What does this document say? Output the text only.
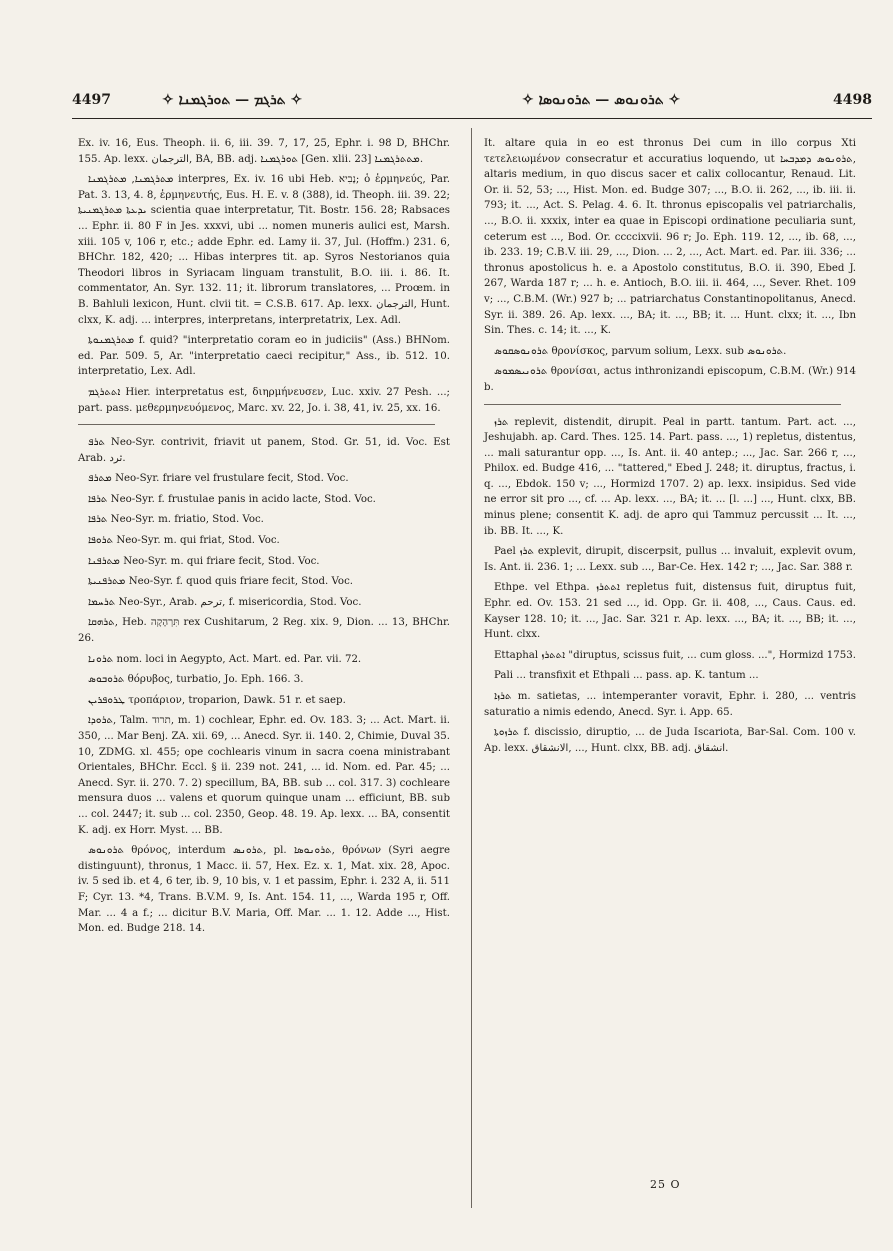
4497	✧ ܬܪܓܡ — ܬܘܪܓܡܢܐ ✧	✧ ܬܪܘܢܘܣ — ܬܪܘܢܘܣܐ ✧	4498

Ex. iv. 16, Eus. Theoph. ii. 6, iii. 39. 7, 17, 25, Ephr. i. 98 D, BHChr. 155. Ap. lexx. الترجمان, BA, BB. adj. ܬܘܪܓܡܢܐ [Gen. xlii. 23] ܡܬܬܪܓܡܢܐ.

ܡܬܪܓܡܢܐ, ܡܬܪܓܡܢܐ interpres, Ex. iv. 16 ubi Heb. נָבִיא; ὁ ἑρμηνεύς, Par. Pat. 3. 13, 4. 8, ἑρμηνευτής, Eus. H. E. v. 8 (388), id. Theoph. iii. 39. 22; ܝܕܥܬܐ ܡܬܪܓܡܢܝܬܐ scientia quae interpretatur, Tit. Bostr. 156. 28; Rabsaces ... Ephr. ii. 80 F in Jes. xxxvi, ubi ... nomen muneris aulici est, Marsh. xiii. 105 v, 106 r, etc.; adde Ephr. ed. Lamy ii. 37, Jul. (Hoffm.) 231. 6, BHChr. 182, 420; ... Hibas interpres tit. ap. Syros Nestorianos quia Theodori libros in Syriacam linguam transtulit, B.O. iii. i. 86. It. commentator, An. Syr. 132. 11; it. librorum translatores, ... Proœm. in B. Bahluli lexicon, Hunt. clvii tit. = C.S.B. 617. Ap. lexx. الترجمان, Hunt. clxx, K. adj. ... interpres, interpretans, interpretatrix, Lex. Adl.

ܡܬܪܓܡܢܘܬܐ f. quid? "interpretatio coram eo in judiciis" (Ass.) BHNom. ed. Par. 509. 5, Ar. "interpretatio caeci recipitur," Ass., ib. 512. 10. interpretatio, Lex. Adl.

ܐܬܬܪܓܡ Hier. interpretatus est, διηρμήνευσεν, Luc. xxiv. 27 Pesh. ...; part. pass. μεθερμηνευόμενος, Marc. xv. 22, Jo. i. 38, 41, iv. 25, xx. 16.

ܬܪܦ Neo-Syr. contrivit, friavit ut panem, Stod. Gr. 51, id. Voc. Est Arab. ثرد.

ܡܬܪܦ Neo-Syr. friare vel frustulare fecit, Stod. Voc.

ܬܪܦܐ Neo-Syr. f. frustulae panis in acido lacte, Stod. Voc.

ܬܪܦܐ Neo-Syr. m. friatio, Stod. Voc.

ܬܪܘܦܐ Neo-Syr. m. qui friat, Stod. Voc.

ܡܬܪܦܢܐ Neo-Syr. m. qui friare fecit, Stod. Voc.

ܡܬܪܦܢܝܬܐ Neo-Syr. f. quod quis friare fecit, Stod. Voc.

ܬܪܚܡܐ Neo-Syr., Arab. ترحم, f. misericordia, Stod. Voc.

ܬܪܗܩܐ, Heb. תִּרְהָקָה rex Cushitarum, 2 Reg. xix. 9, Dion. ... 13, BHChr. 26.

ܬܪܘܢܐ nom. loci in Aegypto, Act. Mart. ed. Par. vii. 72.

ܬܪܘܒܘܣ θόρυβος, turbatio, Jo. Eph. 166. 3.

ܛܪܘܦܪܝܢ τροπάριον, troparion, Dawk. 51 r. et saep.

ܬܪܘܕܐ, Talm. תרוד, m. 1) cochlear, Ephr. ed. Ov. 183. 3; ... Act. Mart. ii. 350, ... Mar Benj. ZA. xii. 69, ... Anecd. Syr. ii. 140. 2, Chimie, Duval 35. 10, ZDMG. xl. 455; ope cochlearis vinum in sacra coena ministrabant Orientales, BHChr. Eccl. § ii. 239 not. 241, ... id. Nom. ed. Par. 45; ... Anecd. Syr. ii. 270. 7. 2) specillum, BA, BB. sub ... col. 317. 3) cochleare mensura duos ... valens et quorum quinque unam ... efficiunt, BB. sub ... col. 2447; it. sub ... col. 2350, Geop. 48. 19. Ap. lexx. ... BA, consentit K. adj. ex Horr. Myst. ... BB.

ܬܪܘܢܘܣ θρόνος, interdum ܬܪܘܢܣ, pl. ܬܪܘܢܘܣܐ, θρόνων (Syri aegre distinguunt), thronus, 1 Macc. ii. 57, Hex. Ez. x. 1, Mat. xix. 28, Apoc. iv. 5 sed ib. et 4, 6 ter, ib. 9, 10 bis, v. 1 et passim, Ephr. i. 232 A, ii. 511 F; Cyr. 13. *4, Trans. B.V.M. 9, Is. Ant. 154. 11, ..., Warda 195 r, Off. Mar. ... 4 a f.; ... dicitur B.V. Maria, Off. Mar. ... 1. 12. Adde ..., Hist. Mon. ed. Budge 218. 14.

It. altare quia in eo est thronus Dei cum in illo corpus Xti τετελειωμένον consecratur et accuratius loquendo, ut ܬܪܘܢܘܣ ܕܡܕܒܚܐ, altaris medium, in quo discus sacer et calix collocantur, Renaud. Lit. Or. ii. 52, 53; ..., Hist. Mon. ed. Budge 307; ..., B.O. ii. 262, ..., ib. iii. ii. 793; it. ..., Act. S. Pelag. 4. 6. It. thronus episcopalis vel patriarchalis, ..., B.O. ii. xxxix, inter ea quae in Episcopi ordinatione peculiaria sunt, ceterum est ..., Bod. Or. ccccixvii. 96 r; Jo. Eph. 119. 12, ..., ib. 68, ..., ib. 233. 19; C.B.V. iii. 29, ..., Dion. ... 2, ..., Act. Mart. ed. Par. iii. 336; ... thronus apostolicus h. e. a Apostolo constitutus, B.O. ii. 390, Ebed J. 267, Warda 187 r; ... h. e. Antioch, B.O. iii. ii. 464, ..., Sever. Rhet. 109 v; ..., C.B.M. (Wr.) 927 b; ... patriarchatus Constantinopolitanus, Anecd. Syr. ii. 389. 26. Ap. lexx. ..., BA; it. ..., BB; it. ... Hunt. clxx; it. ..., Ibn Sin. Thes. c. 14; it. ..., K.

ܬܪܘܢܘܣܩܘܣ θρονίσκος, parvum solium, Lexx. sub ܬܪܘܢܘܣ.

ܬܪܘܢܝܣܡܘܣ θρονίσαι, actus inthronizandi episcopum, C.B.M. (Wr.) 914 b.

ܬܪܙ replevit, distendit, dirupit. Peal in partt. tantum. Part. act. ..., Jeshujabh. ap. Card. Thes. 125. 14. Part. pass. ..., 1) repletus, distentus, ... mali saturantur opp. ..., Is. Ant. ii. 40 antep.; ..., Jac. Sar. 266 r, ..., Philox. ed. Budge 416, ... "tattered," Ebed J. 248; it. diruptus, fractus, i. q. ..., Ebdok. 150 v; ..., Hormizd 1707. 2) ap. lexx. insipidus. Sed vide ne error sit pro ..., cf. ... Ap. lexx. ..., BA; it. ... [l. ...] ..., Hunt. clxx, BB. minus plene; consentit K. adj. de apro qui Tammuz percussit ... It. ..., ib. BB. It. ..., K.

Pael ܬܪܙ explevit, dirupit, discerpsit, pullus ... invaluit, explevit ovum, Is. Ant. ii. 236. 1; ... Lexx. sub ..., Bar-Ce. Hex. 142 r; ..., Jac. Sar. 388 r.

Ethpe. vel Ethpa. ܐܬܬܪܙ repletus fuit, distensus fuit, diruptus fuit, Ephr. ed. Ov. 153. 21 sed ..., id. Opp. Gr. ii. 408, ..., Caus. Caus. ed. Kayser 128. 10; it. ..., Jac. Sar. 321 r. Ap. lexx. ..., BA; it. ..., BB; it. ..., Hunt. clxx.

Ettaphal ܐܬܬܪܙ "diruptus, scissus fuit, ... cum gloss. ...", Hormizd 1753.

Pali ... transfixit et Ethpali ... pass. ap. K. tantum ...

ܬܪܙܐ m. satietas, ... intemperanter voravit, Ephr. i. 280, ... ventris saturatio a nimis edendo, Anecd. Syr. i. App. 65.

ܬܪܙܘܬܐ f. discissio, diruptio, ... de Juda Iscariota, Bar-Sal. Com. 100 v. Ap. lexx. الانشقاق, ..., Hunt. clxx, BB. adj. انشقاق.

25 O
